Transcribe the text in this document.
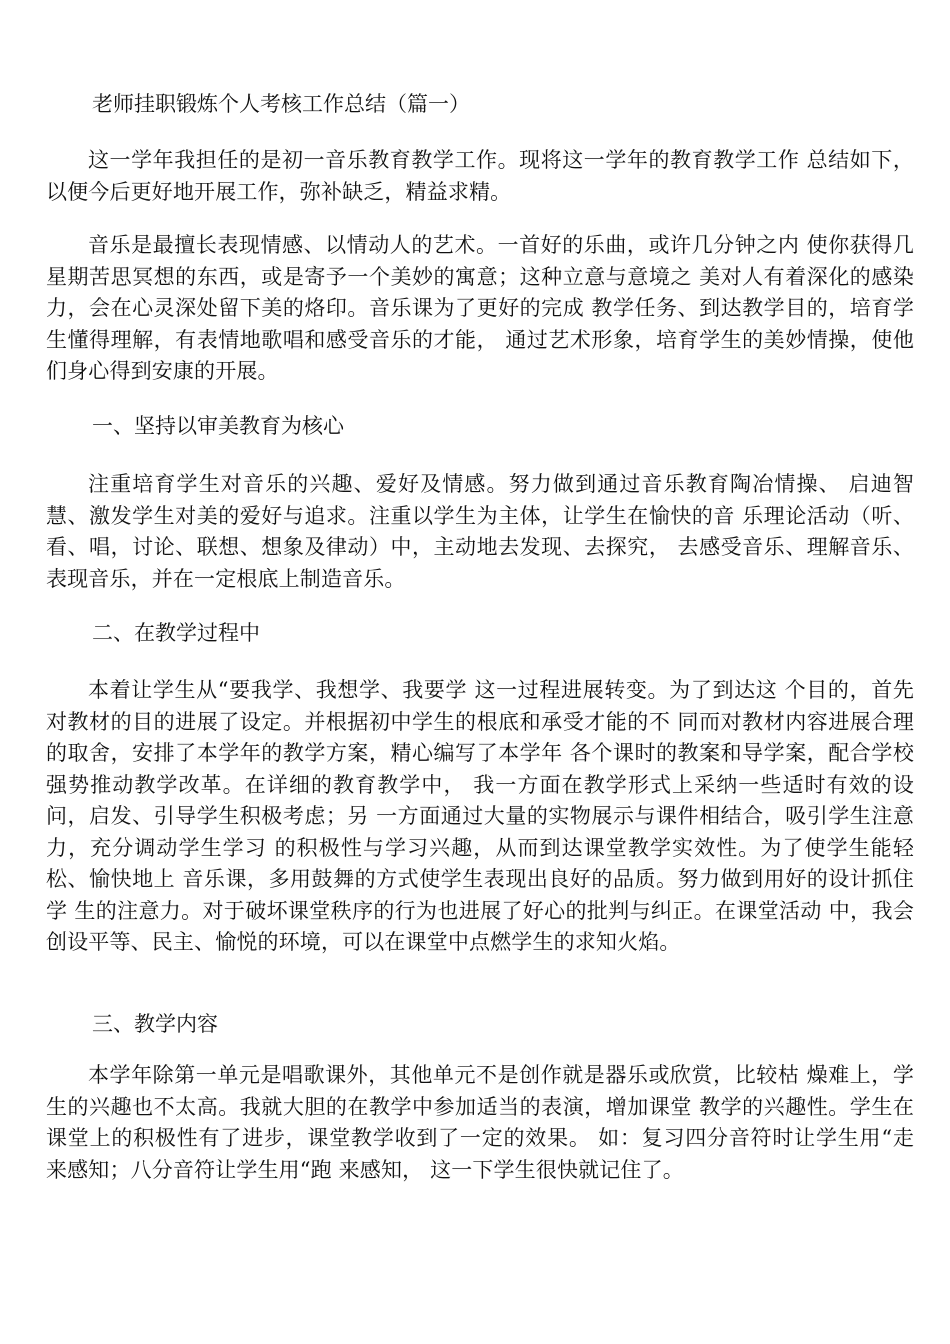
老师挂职锻炼个人考核工作总结（篇一）
这一学年我担任的是初一音乐教育教学工作。现将这一学年的教育教学工作 总结如下，以便今后更好地开展工作，弥补缺乏，精益求精。
音乐是最擅长表现情感、以情动人的艺术。一首好的乐曲，或许几分钟之内 使你获得几星期苦思冥想的东西，或是寄予一个美妙的寓意；这种立意与意境之 美对人有着深化的感染力，会在心灵深处留下美的烙印。音乐课为了更好的完成 教学任务、到达教学目的，培育学生懂得理解，有表情地歌唱和感受音乐的才能， 通过艺术形象，培育学生的美妙情操，使他们身心得到安康的开展。
一、坚持以审美教育为核心
注重培育学生对音乐的兴趣、爱好及情感。努力做到通过音乐教育陶冶情操、 启迪智慧、激发学生对美的爱好与追求。注重以学生为主体，让学生在愉快的音 乐理论活动（听、看、唱，讨论、联想、想象及律动）中，主动地去发现、去探究， 去感受音乐、理解音乐、表现音乐，并在一定根底上制造音乐。
二、在教学过程中
本着让学生从“要我学、我想学、我要学 这一过程进展转变。为了到达这 个目的，首先对教材的目的进展了设定。并根据初中学生的根底和承受才能的不 同而对教材内容进展合理的取舍，安排了本学年的教学方案，精心编写了本学年 各个课时的教案和导学案，配合学校强势推动教学改革。在详细的教育教学中， 我一方面在教学形式上采纳一些适时有效的设问，启发、引导学生积极考虑；另 一方面通过大量的实物展示与课件相结合，吸引学生注意力，充分调动学生学习 的积极性与学习兴趣，从而到达课堂教学实效性。为了使学生能轻松、愉快地上 音乐课，多用鼓舞的方式使学生表现出良好的品质。努力做到用好的设计抓住学 生的注意力。对于破坏课堂秩序的行为也进展了好心的批判与纠正。在课堂活动 中，我会创设平等、民主、愉悦的环境，可以在课堂中点燃学生的求知火焰。
三、教学内容
本学年除第一单元是唱歌课外，其他单元不是创作就是器乐或欣赏，比较枯 燥难上，学生的兴趣也不太高。我就大胆的在教学中参加适当的表演，增加课堂 教学的兴趣性。学生在课堂上的积极性有了进步，课堂教学收到了一定的效果。 如：复习四分音符时让学生用“走 来感知；八分音符让学生用“跑 来感知， 这一下学生很快就记住了。
